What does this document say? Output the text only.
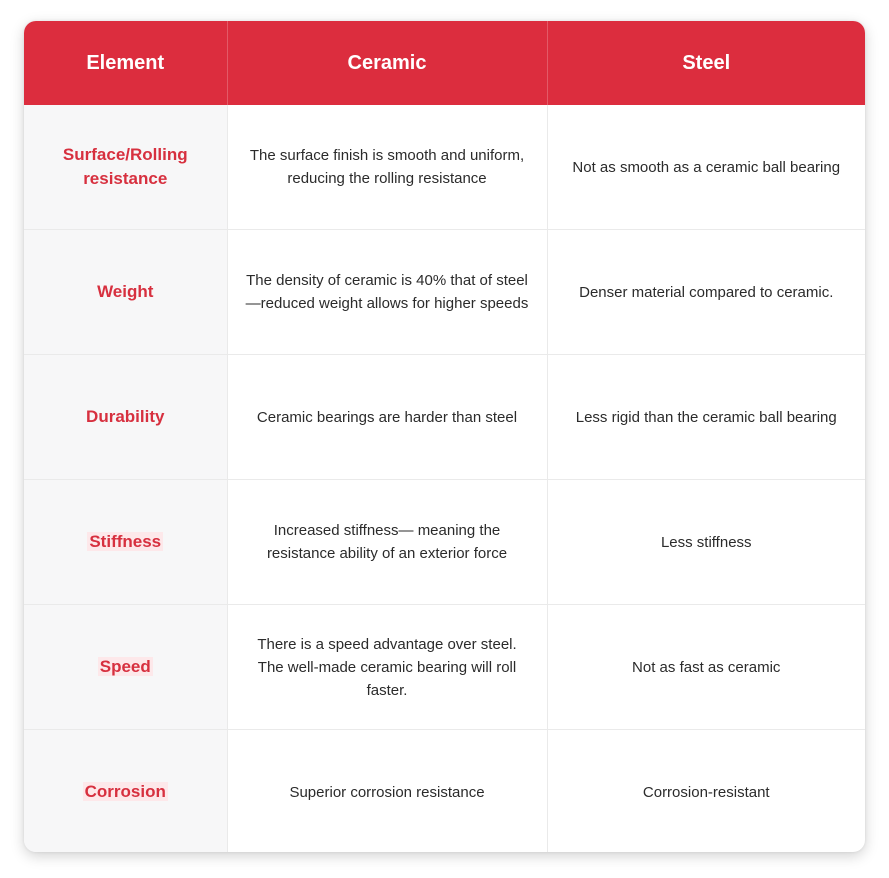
Element	Ceramic	Steel
Surface/Rolling resistance	The surface finish is smooth and uniform, reducing the rolling resistance	Not as smooth as a ceramic ball bearing
Weight	The density of ceramic is 40% that of steel—reduced weight allows for higher speeds	Denser material compared to ceramic.
Durability	Ceramic bearings are harder than steel	Less rigid than the ceramic ball bearing
Stiffness	Increased stiffness— meaning the resistance ability of an exterior force	Less stiffness
Speed	There is a speed advantage over steel. The well-made ceramic bearing will roll faster.	Not as fast as ceramic
Corrosion	Superior corrosion resistance	Corrosion-resistant
